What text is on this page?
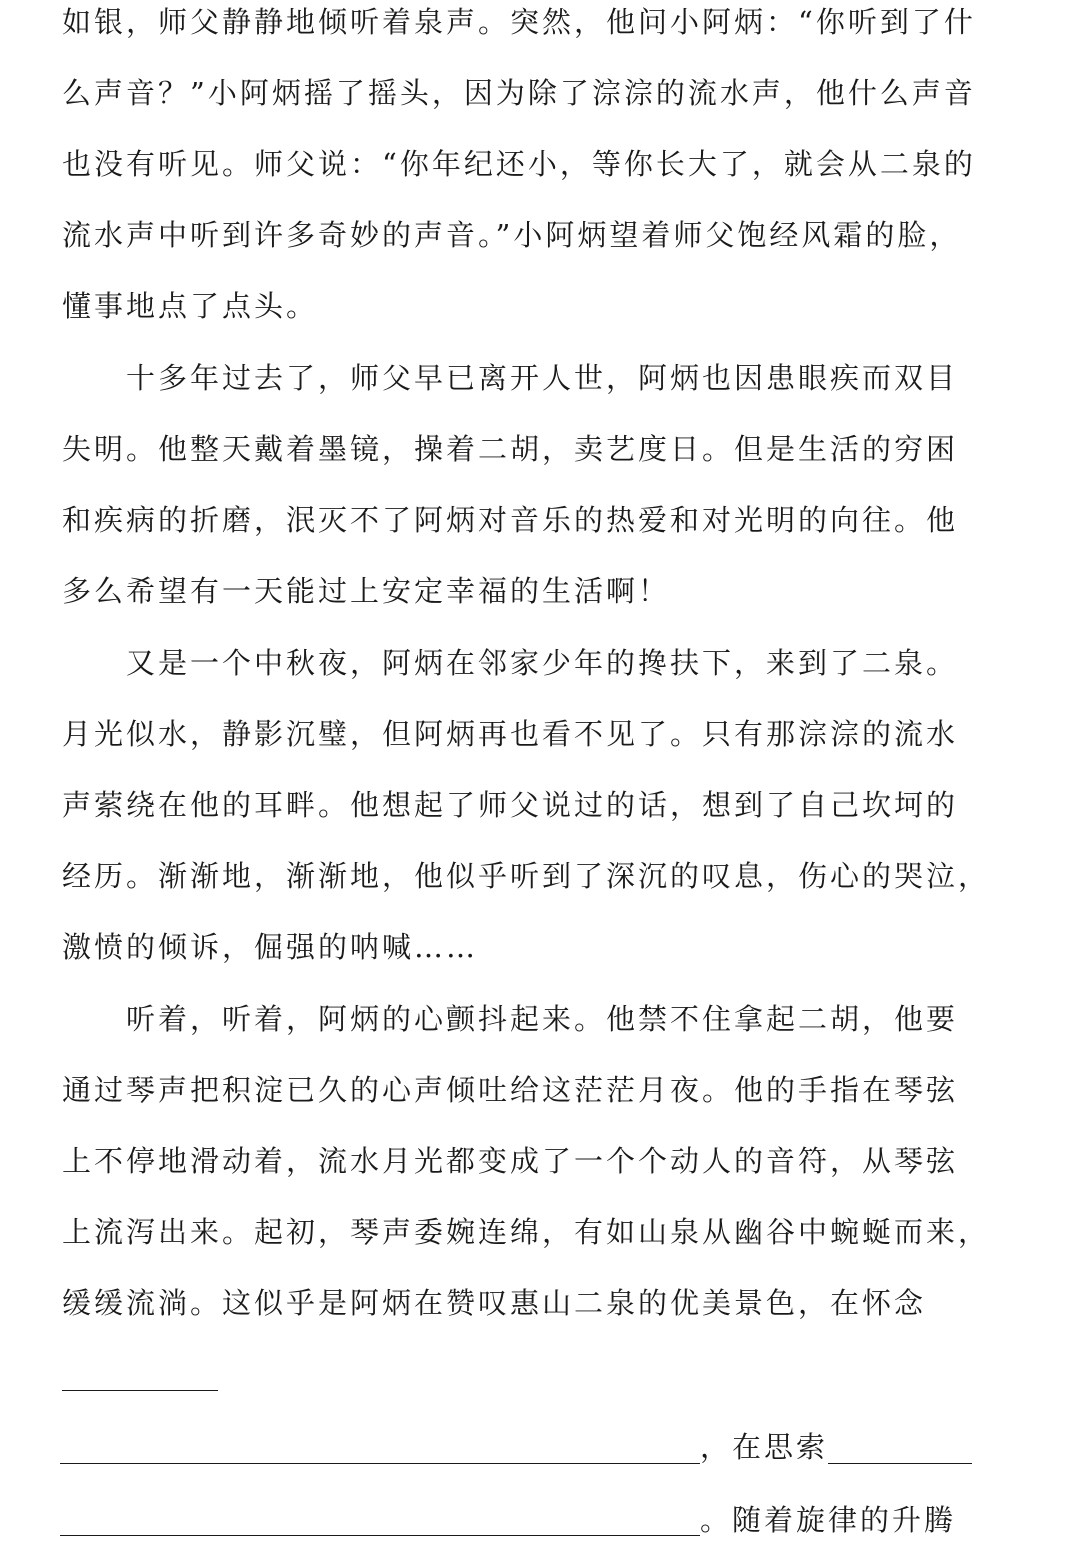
如银，师父静静地倾听着泉声。突然，他问小阿炳：“你听到了什
么声音？”小阿炳摇了摇头，因为除了淙淙的流水声，他什么声音
也没有听见。师父说：“你年纪还小，等你长大了，就会从二泉的
流水声中听到许多奇妙的声音。”小阿炳望着师父饱经风霜的脸，
懂事地点了点头。
十多年过去了，师父早已离开人世，阿炳也因患眼疾而双目
失明。他整天戴着墨镜，操着二胡，卖艺度日。但是生活的穷困
和疾病的折磨，泯灭不了阿炳对音乐的热爱和对光明的向往。他
多么希望有一天能过上安定幸福的生活啊！
又是一个中秋夜，阿炳在邻家少年的搀扶下，来到了二泉。
月光似水，静影沉璧，但阿炳再也看不见了。只有那淙淙的流水
声萦绕在他的耳畔。他想起了师父说过的话，想到了自己坎坷的
经历。渐渐地，渐渐地，他似乎听到了深沉的叹息，伤心的哭泣，
激愤的倾诉，倔强的呐喊……
听着，听着，阿炳的心颤抖起来。他禁不住拿起二胡，他要
通过琴声把积淀已久的心声倾吐给这茫茫月夜。他的手指在琴弦
上不停地滑动着，流水月光都变成了一个个动人的音符，从琴弦
上流泻出来。起初，琴声委婉连绵，有如山泉从幽谷中蜿蜒而来，
缓缓流淌。这似乎是阿炳在赞叹惠山二泉的优美景色，在怀念
，在思索
。随着旋律的升腾
